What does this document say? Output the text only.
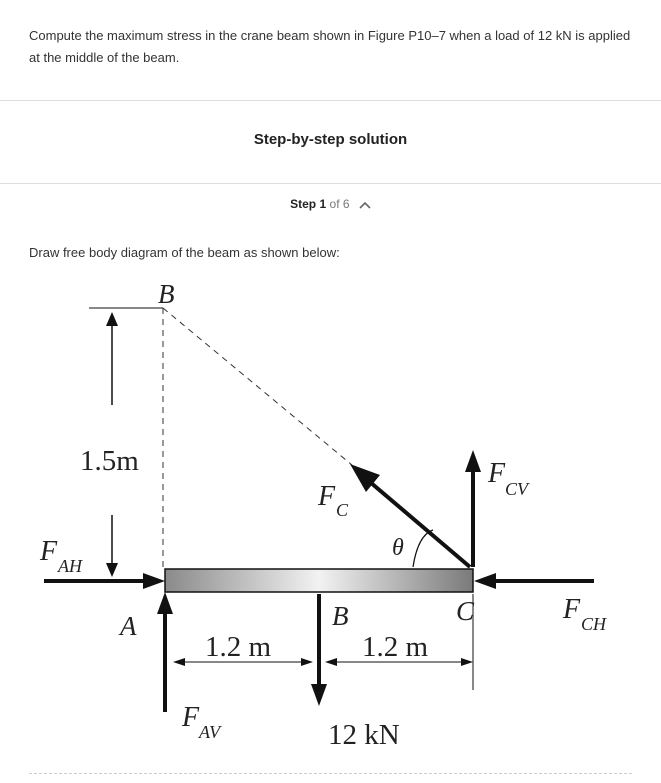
Compute the maximum stress in the crane beam shown in Figure P10–7 when a load of 12 kN is applied at the middle of the beam.
Step-by-step solution
Step 1 of 6
Draw free body diagram of the beam as shown below:
B
1.5m
FC
θ
FCV
FAH
A	B	C	FCH
1.2 m	1.2 m
FAV	12 kN
